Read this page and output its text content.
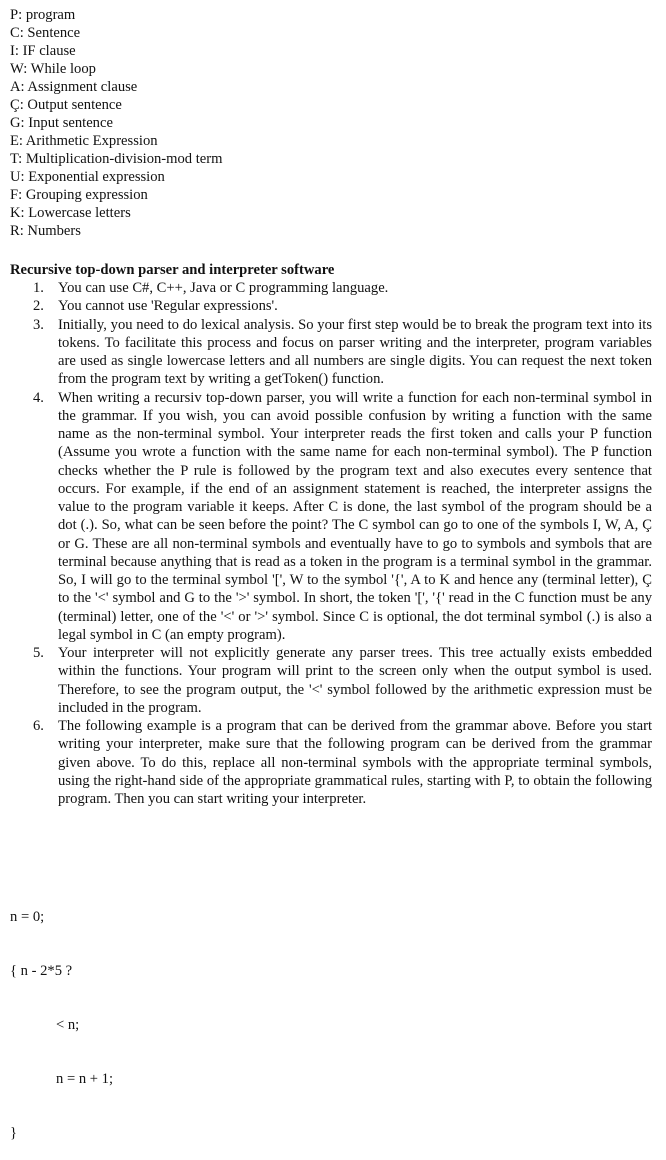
P: program
C: Sentence
I: IF clause
W: While loop
A: Assignment clause
Ç: Output sentence
G: Input sentence
E: Arithmetic Expression
T: Multiplication-division-mod term
U: Exponential expression
F: Grouping expression
K: Lowercase letters
R: Numbers
Recursive top-down parser and interpreter software
1. You can use C#, C++, Java or C programming language.
2. You cannot use 'Regular expressions'.
3. Initially, you need to do lexical analysis. So your first step would be to break the program text into its tokens. To facilitate this process and focus on parser writing and the interpreter, program variables are used as single lowercase letters and all numbers are single digits. You can request the next token from the program text by writing a getToken() function.
4. When writing a recursiv top-down parser, you will write a function for each non-terminal symbol in the grammar. If you wish, you can avoid possible confusion by writing a function with the same name as the non-terminal symbol. Your interpreter reads the first token and calls your P function (Assume you wrote a function with the same name for each non-terminal symbol). The P function checks whether the P rule is followed by the program text and also executes every sentence that occurs. For example, if the end of an assignment statement is reached, the interpreter assigns the value to the program variable it keeps. After C is done, the last symbol of the program should be a dot (.). So, what can be seen before the point? The C symbol can go to one of the symbols I, W, A, Ç or G. These are all non-terminal symbols and eventually have to go to symbols and symbols that are terminal because anything that is read as a token in the program is a terminal symbol in the grammar. So, I will go to the terminal symbol '[', W to the symbol '{', A to K and hence any (terminal letter), Ç to the '<' symbol and G to the '>' symbol. In short, the token '[', '{' read in the C function must be any (terminal) letter, one of the '<' or '>' symbol. Since C is optional, the dot terminal symbol (.) is also a legal symbol in C (an empty program).
5. Your interpreter will not explicitly generate any parser trees. This tree actually exists embedded within the functions. Your program will print to the screen only when the output symbol is used. Therefore, to see the program output, the '<' symbol followed by the arithmetic expression must be included in the program.
6. The following example is a program that can be derived from the grammar above. Before you start writing your interpreter, make sure that the following program can be derived from the grammar given above. To do this, replace all non-terminal symbols with the appropriate terminal symbols, using the right-hand side of the appropriate grammatical rules, starting with P, to obtain the following program. Then you can start writing your interpreter.

n = 0;

{ n - 2*5 ?

< n;

n = n + 1;

}
